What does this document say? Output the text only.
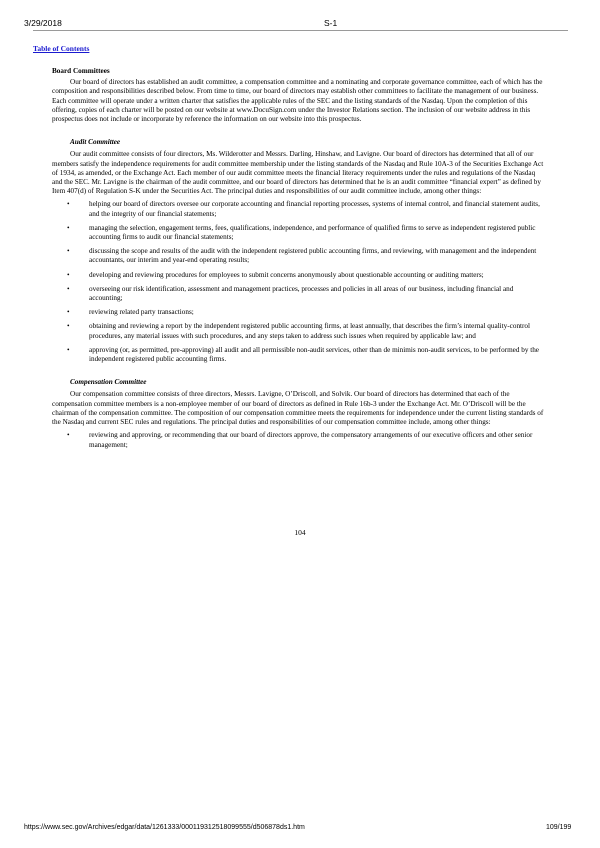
3/29/2018	S-1
Table of Contents
Board Committees

Our board of directors has established an audit committee, a compensation committee and a nominating and corporate governance committee, each of which has the composition and responsibilities described below. From time to time, our board of directors may establish other committees to facilitate the management of our business. Each committee will operate under a written charter that satisfies the applicable rules of the SEC and the listing standards of the Nasdaq. Upon the completion of this offering, copies of each charter will be posted on our website at www.DocuSign.com under the Investor Relations section. The inclusion of our website address in this prospectus does not include or incorporate by reference the information on our website into this prospectus.

Audit Committee

Our audit committee consists of four directors, Ms. Wilderotter and Messrs. Darling, Hinshaw, and Lavigne. Our board of directors has determined that all of our members satisfy the independence requirements for audit committee membership under the listing standards of the Nasdaq and Rule 10A-3 of the Securities Exchange Act of 1934, as amended, or the Exchange Act. Each member of our audit committee meets the financial literacy requirements under the rules and regulations of the Nasdaq and the SEC. Mr. Lavigne is the chairman of the audit committee, and our board of directors has determined that he is an audit committee “financial expert” as defined by Item 407(d) of Regulation S-K under the Securities Act. The principal duties and responsibilities of our audit committee include, among other things:

•	helping our board of directors oversee our corporate accounting and financial reporting processes, systems of internal control, and financial statement audits, and the integrity of our financial statements;
•	managing the selection, engagement terms, fees, qualifications, independence, and performance of qualified firms to serve as independent registered public accounting firms to audit our financial statements;
•	discussing the scope and results of the audit with the independent registered public accounting firms, and reviewing, with management and the independent accountants, our interim and year-end operating results;
•	developing and reviewing procedures for employees to submit concerns anonymously about questionable accounting or auditing matters;
•	overseeing our risk identification, assessment and management practices, processes and policies in all areas of our business, including financial and accounting;
•	reviewing related party transactions;
•	obtaining and reviewing a report by the independent registered public accounting firms, at least annually, that describes the firm’s internal quality-control procedures, any material issues with such procedures, and any steps taken to address such issues when required by applicable law; and
•	approving (or, as permitted, pre-approving) all audit and all permissible non-audit services, other than de minimis non-audit services, to be performed by the independent registered public accounting firms.
Compensation Committee

Our compensation committee consists of three directors, Messrs. Lavigne, O’Driscoll, and Solvik. Our board of directors has determined that each of the compensation committee members is a non-employee member of our board of directors as defined in Rule 16b-3 under the Exchange Act. Mr. O’Driscoll will be the chairman of the compensation committee. The composition of our compensation committee meets the requirements for independence under the current listing standards of the Nasdaq and current SEC rules and regulations. The principal duties and responsibilities of our compensation committee include, among other things:

•	reviewing and approving, or recommending that our board of directors approve, the compensatory arrangements of our executive officers and other senior management;
104
https://www.sec.gov/Archives/edgar/data/1261333/000119312518099555/d506878ds1.htm	109/199
